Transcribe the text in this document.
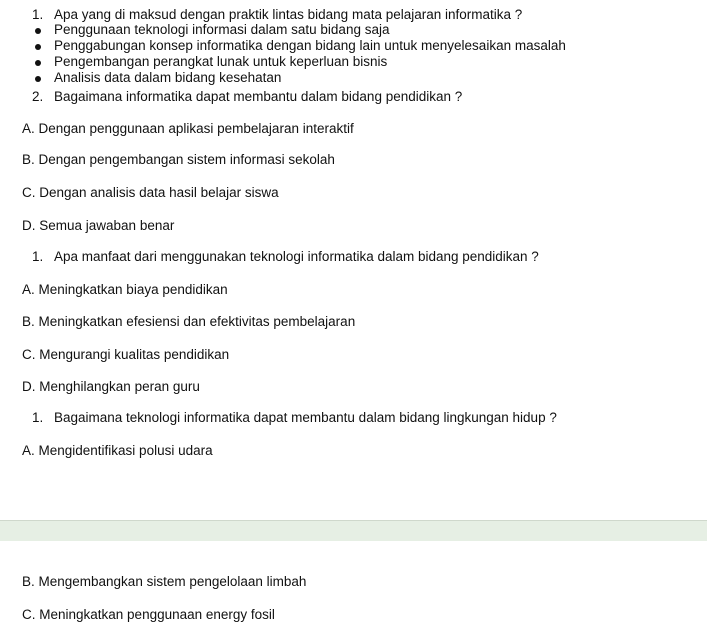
1. Apa yang di maksud dengan praktik lintas bidang mata pelajaran informatika ?
Penggunaan teknologi informasi dalam satu bidang saja
Penggabungan konsep informatika dengan bidang lain untuk menyelesaikan masalah
Pengembangan perangkat lunak untuk keperluan bisnis
Analisis data dalam bidang kesehatan
2. Bagaimana informatika dapat membantu dalam bidang pendidikan ?
A. Dengan penggunaan aplikasi pembelajaran interaktif
B. Dengan pengembangan sistem informasi sekolah
C. Dengan analisis data hasil belajar siswa
D. Semua jawaban benar
1. Apa manfaat dari menggunakan teknologi informatika dalam bidang pendidikan ?
A. Meningkatkan biaya pendidikan
B. Meningkatkan efesiensi dan efektivitas pembelajaran
C. Mengurangi kualitas pendidikan
D. Menghilangkan peran guru
1. Bagaimana teknologi informatika dapat membantu dalam bidang lingkungan hidup ?
A. Mengidentifikasi polusi udara
B. Mengembangkan sistem pengelolaan limbah
C. Meningkatkan penggunaan energy fosil
